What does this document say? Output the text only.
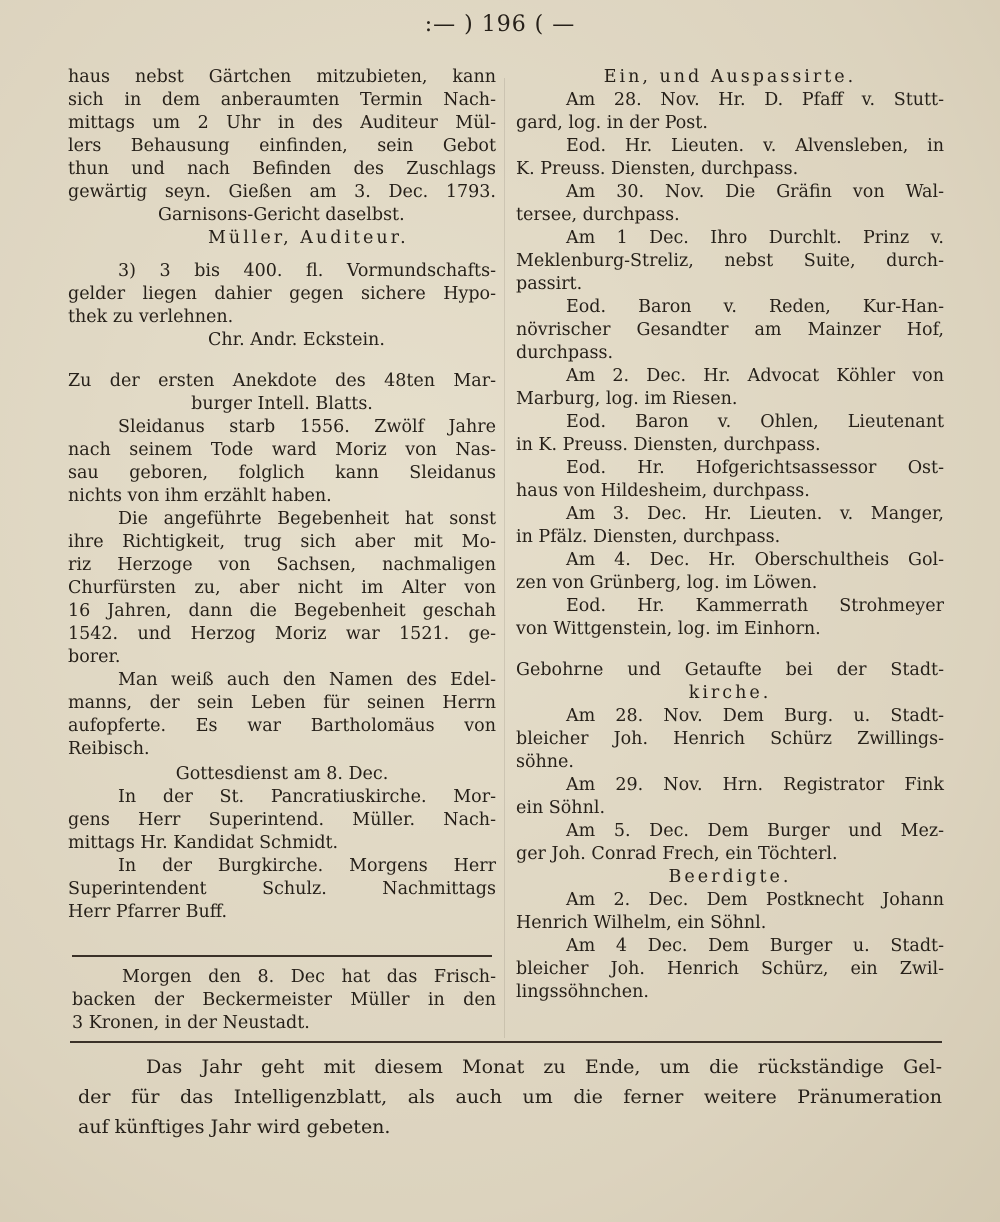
:— ) 196 ( —
haus nebst Gärtchen mitzubieten, kann
sich in dem anberaumten Termin Nach-
mittags um 2 Uhr in des Auditeur Mül-
lers Behausung einfinden, sein Gebot
thun und nach Befinden des Zuschlags
gewärtig seyn. Gießen am 3. Dec. 1793.
Garnisons-Gericht daselbst.
Müller, Auditeur.
3) 3 bis 400. fl. Vormundschafts-
gelder liegen dahier gegen sichere Hypo-
thek zu verlehnen.
Chr. Andr. Eckstein.
Zu der ersten Anekdote des 48ten Mar-
burger Intell. Blatts.
Sleidanus starb 1556. Zwölf Jahre
nach seinem Tode ward Moriz von Nas-
sau geboren, folglich kann Sleidanus
nichts von ihm erzählt haben.
Die angeführte Begebenheit hat sonst
ihre Richtigkeit, trug sich aber mit Mo-
riz Herzoge von Sachsen, nachmaligen
Churfürsten zu, aber nicht im Alter von
16 Jahren, dann die Begebenheit geschah
1542. und Herzog Moriz war 1521. ge-
borer.
Man weiß auch den Namen des Edel-
manns, der sein Leben für seinen Herrn
aufopferte. Es war Bartholomäus von
Reibisch.
Gottesdienst am 8. Dec.
In der St. Pancratiuskirche. Mor-
gens Herr Superintend. Müller. Nach-
mittags Hr. Kandidat Schmidt.
In der Burgkirche. Morgens Herr
Superintendent Schulz. Nachmittags
Herr Pfarrer Buff.
Morgen den 8. Dec hat das Frisch-
backen der Beckermeister Müller in den
3 Kronen, in der Neustadt.
Ein, und Auspassirte.
Am 28. Nov. Hr. D. Pfaff v. Stutt-
gard, log. in der Post.
Eod. Hr. Lieuten. v. Alvensleben, in
K. Preuss. Diensten, durchpass.
Am 30. Nov. Die Gräfin von Wal-
tersee, durchpass.
Am 1 Dec. Ihro Durchlt. Prinz v.
Meklenburg-Streliz, nebst Suite, durch-
passirt.
Eod. Baron v. Reden, Kur-Han-
növrischer Gesandter am Mainzer Hof,
durchpass.
Am 2. Dec. Hr. Advocat Köhler von
Marburg, log. im Riesen.
Eod. Baron v. Ohlen, Lieutenant
in K. Preuss. Diensten, durchpass.
Eod. Hr. Hofgerichtsassessor Ost-
haus von Hildesheim, durchpass.
Am 3. Dec. Hr. Lieuten. v. Manger,
in Pfälz. Diensten, durchpass.
Am 4. Dec. Hr. Oberschultheis Gol-
zen von Grünberg, log. im Löwen.
Eod. Hr. Kammerrath Strohmeyer
von Wittgenstein, log. im Einhorn.
Gebohrne und Getaufte bei der Stadt-
kirche.
Am 28. Nov. Dem Burg. u. Stadt-
bleicher Joh. Henrich Schürz Zwillings-
söhne.
Am 29. Nov. Hrn. Registrator Fink
ein Söhnl.
Am 5. Dec. Dem Burger und Mez-
ger Joh. Conrad Frech, ein Töchterl.
Beerdigte.
Am 2. Dec. Dem Postknecht Johann
Henrich Wilhelm, ein Söhnl.
Am 4 Dec. Dem Burger u. Stadt-
bleicher Joh. Henrich Schürz, ein Zwil-
lingssöhnchen.
Das Jahr geht mit diesem Monat zu Ende, um die rückständige Gel-
der für das Intelligenzblatt, als auch um die ferner weitere Pränumeration
auf künftiges Jahr wird gebeten.
